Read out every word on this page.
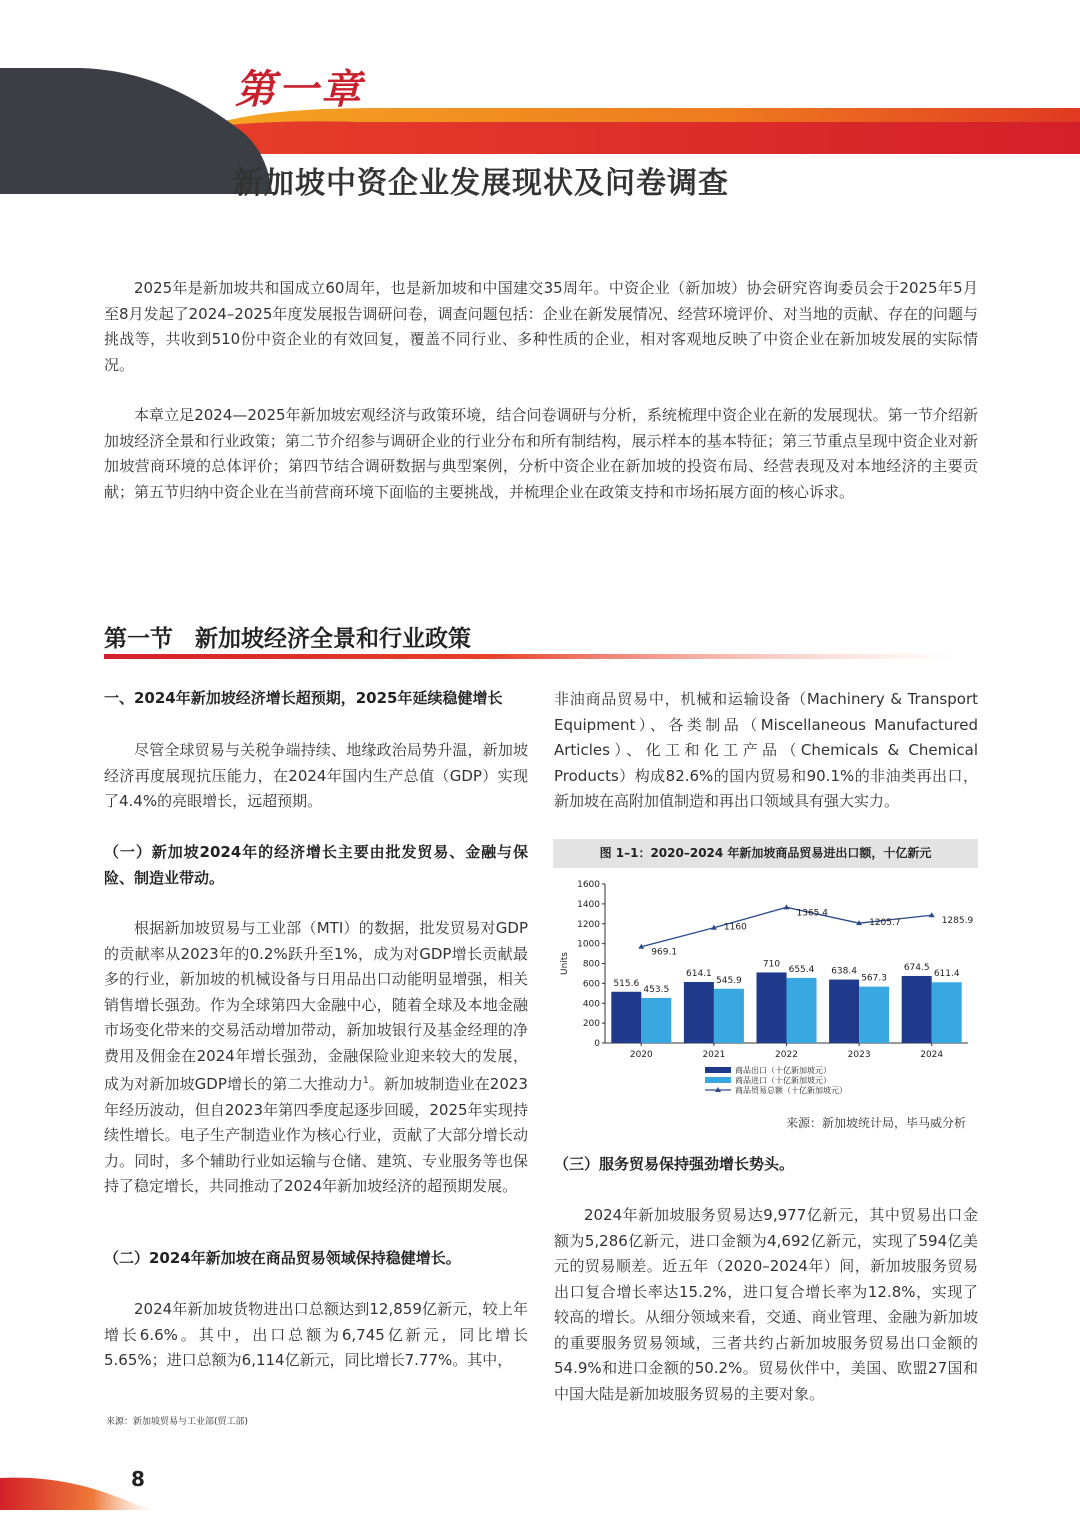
第一章
新加坡中资企业发展现状及问卷调查

2025年是新加坡共和国成立60周年，也是新加坡和中国建交35周年。中资企业（新加坡）协会研究咨询委员会于2025年5月至8月发起了2024–2025年度发展报告调研问卷，调查问题包括：企业在新发展情况、经营环境评价、对当地的贡献、存在的问题与挑战等，共收到510份中资企业的有效回复，覆盖不同行业、多种性质的企业，相对客观地反映了中资企业在新加坡发展的实际情况。

本章立足2024—2025年新加坡宏观经济与政策环境，结合问卷调研与分析，系统梳理中资企业在新的发展现状。第一节介绍新加坡经济全景和行业政策；第二节介绍参与调研企业的行业分布和所有制结构，展示样本的基本特征；第三节重点呈现中资企业对新加坡营商环境的总体评价；第四节结合调研数据与典型案例，分析中资企业在新加坡的投资布局、经营表现及对本地经济的主要贡献；第五节归纳中资企业在当前营商环境下面临的主要挑战，并梳理企业在政策支持和市场拓展方面的核心诉求。

第一节 新加坡经济全景和行业政策

一、2024年新加坡经济增长超预期，2025年延续稳健增长

尽管全球贸易与关税争端持续、地缘政治局势升温，新加坡经济再度展现抗压能力，在2024年国内生产总值（GDP）实现了4.4%的亮眼增长，远超预期。

（一）新加坡2024年的经济增长主要由批发贸易、金融与保险、制造业带动。

根据新加坡贸易与工业部（MTI）的数据，批发贸易对GDP的贡献率从2023年的0.2%跃升至1%，成为对GDP增长贡献最多的行业，新加坡的机械设备与日用品出口动能明显增强，相关销售增长强劲。作为全球第四大金融中心，随着全球及本地金融市场变化带来的交易活动增加带动，新加坡银行及基金经理的净费用及佣金在2024年增长强劲，金融保险业迎来较大的发展，成为对新加坡GDP增长的第二大推动力$^1$。新加坡制造业在2023年经历波动，但自2023年第四季度起逐步回暖，2025年实现持续性增长。电子生产制造业作为核心行业，贡献了大部分增长动力。同时，多个辅助行业如运输与仓储、建筑、专业服务等也保持了稳定增长，共同推动了2024年新加坡经济的超预期发展。

（二）2024年新加坡在商品贸易领域保持稳健增长。

2024年新加坡货物进出口总额达到12,859亿新元，较上年增长6.6%。其中，出口总额为6,745亿新元，同比增长5.65%；进口总额为6,114亿新元，同比增长7.77%。其中，

非油商品贸易中，机械和运输设备（Machinery & Transport Equipment）、各类制品（Miscellaneous Manufactured Articles）、化工和化工产品（Chemicals & Chemical Products）构成82.6%的国内贸易和90.1%的非油类再出口，新加坡在高附加值制造和再出口领域具有强大实力。

图 1–1：2020–2024 年新加坡商品贸易进出口额，十亿新元
0
200
400
600
800
1000
1200
1400
1600
Units
2020	2021	2022	2023	2024
515.6
453.5
614.1
545.9
710
655.4 638.4
567.3
674.5
611.4
969.1
1160
1365.4
1205.7	1285.9
商品出口（十亿新加坡元）
商品进口（十亿新加坡元）
商品贸易总额（十亿新加坡元）
来源：新加坡统计局，毕马威分析

（三）服务贸易保持强劲增长势头。

2024年新加坡服务贸易达9,977亿新元，其中贸易出口金额为5,286亿新元，进口金额为4,692亿新元，实现了594亿美元的贸易顺差。近五年（2020–2024年）间，新加坡服务贸易出口复合增长率达15.2%，进口复合增长率为12.8%，实现了较高的增长。从细分领域来看，交通、商业管理、金融为新加坡的重要服务贸易领域，三者共约占新加坡服务贸易出口金额的54.9%和进口金额的50.2%。贸易伙伴中，美国、欧盟27国和中国大陆是新加坡服务贸易的主要对象。

来源：新加坡贸易与工业部(贸工部)
8
